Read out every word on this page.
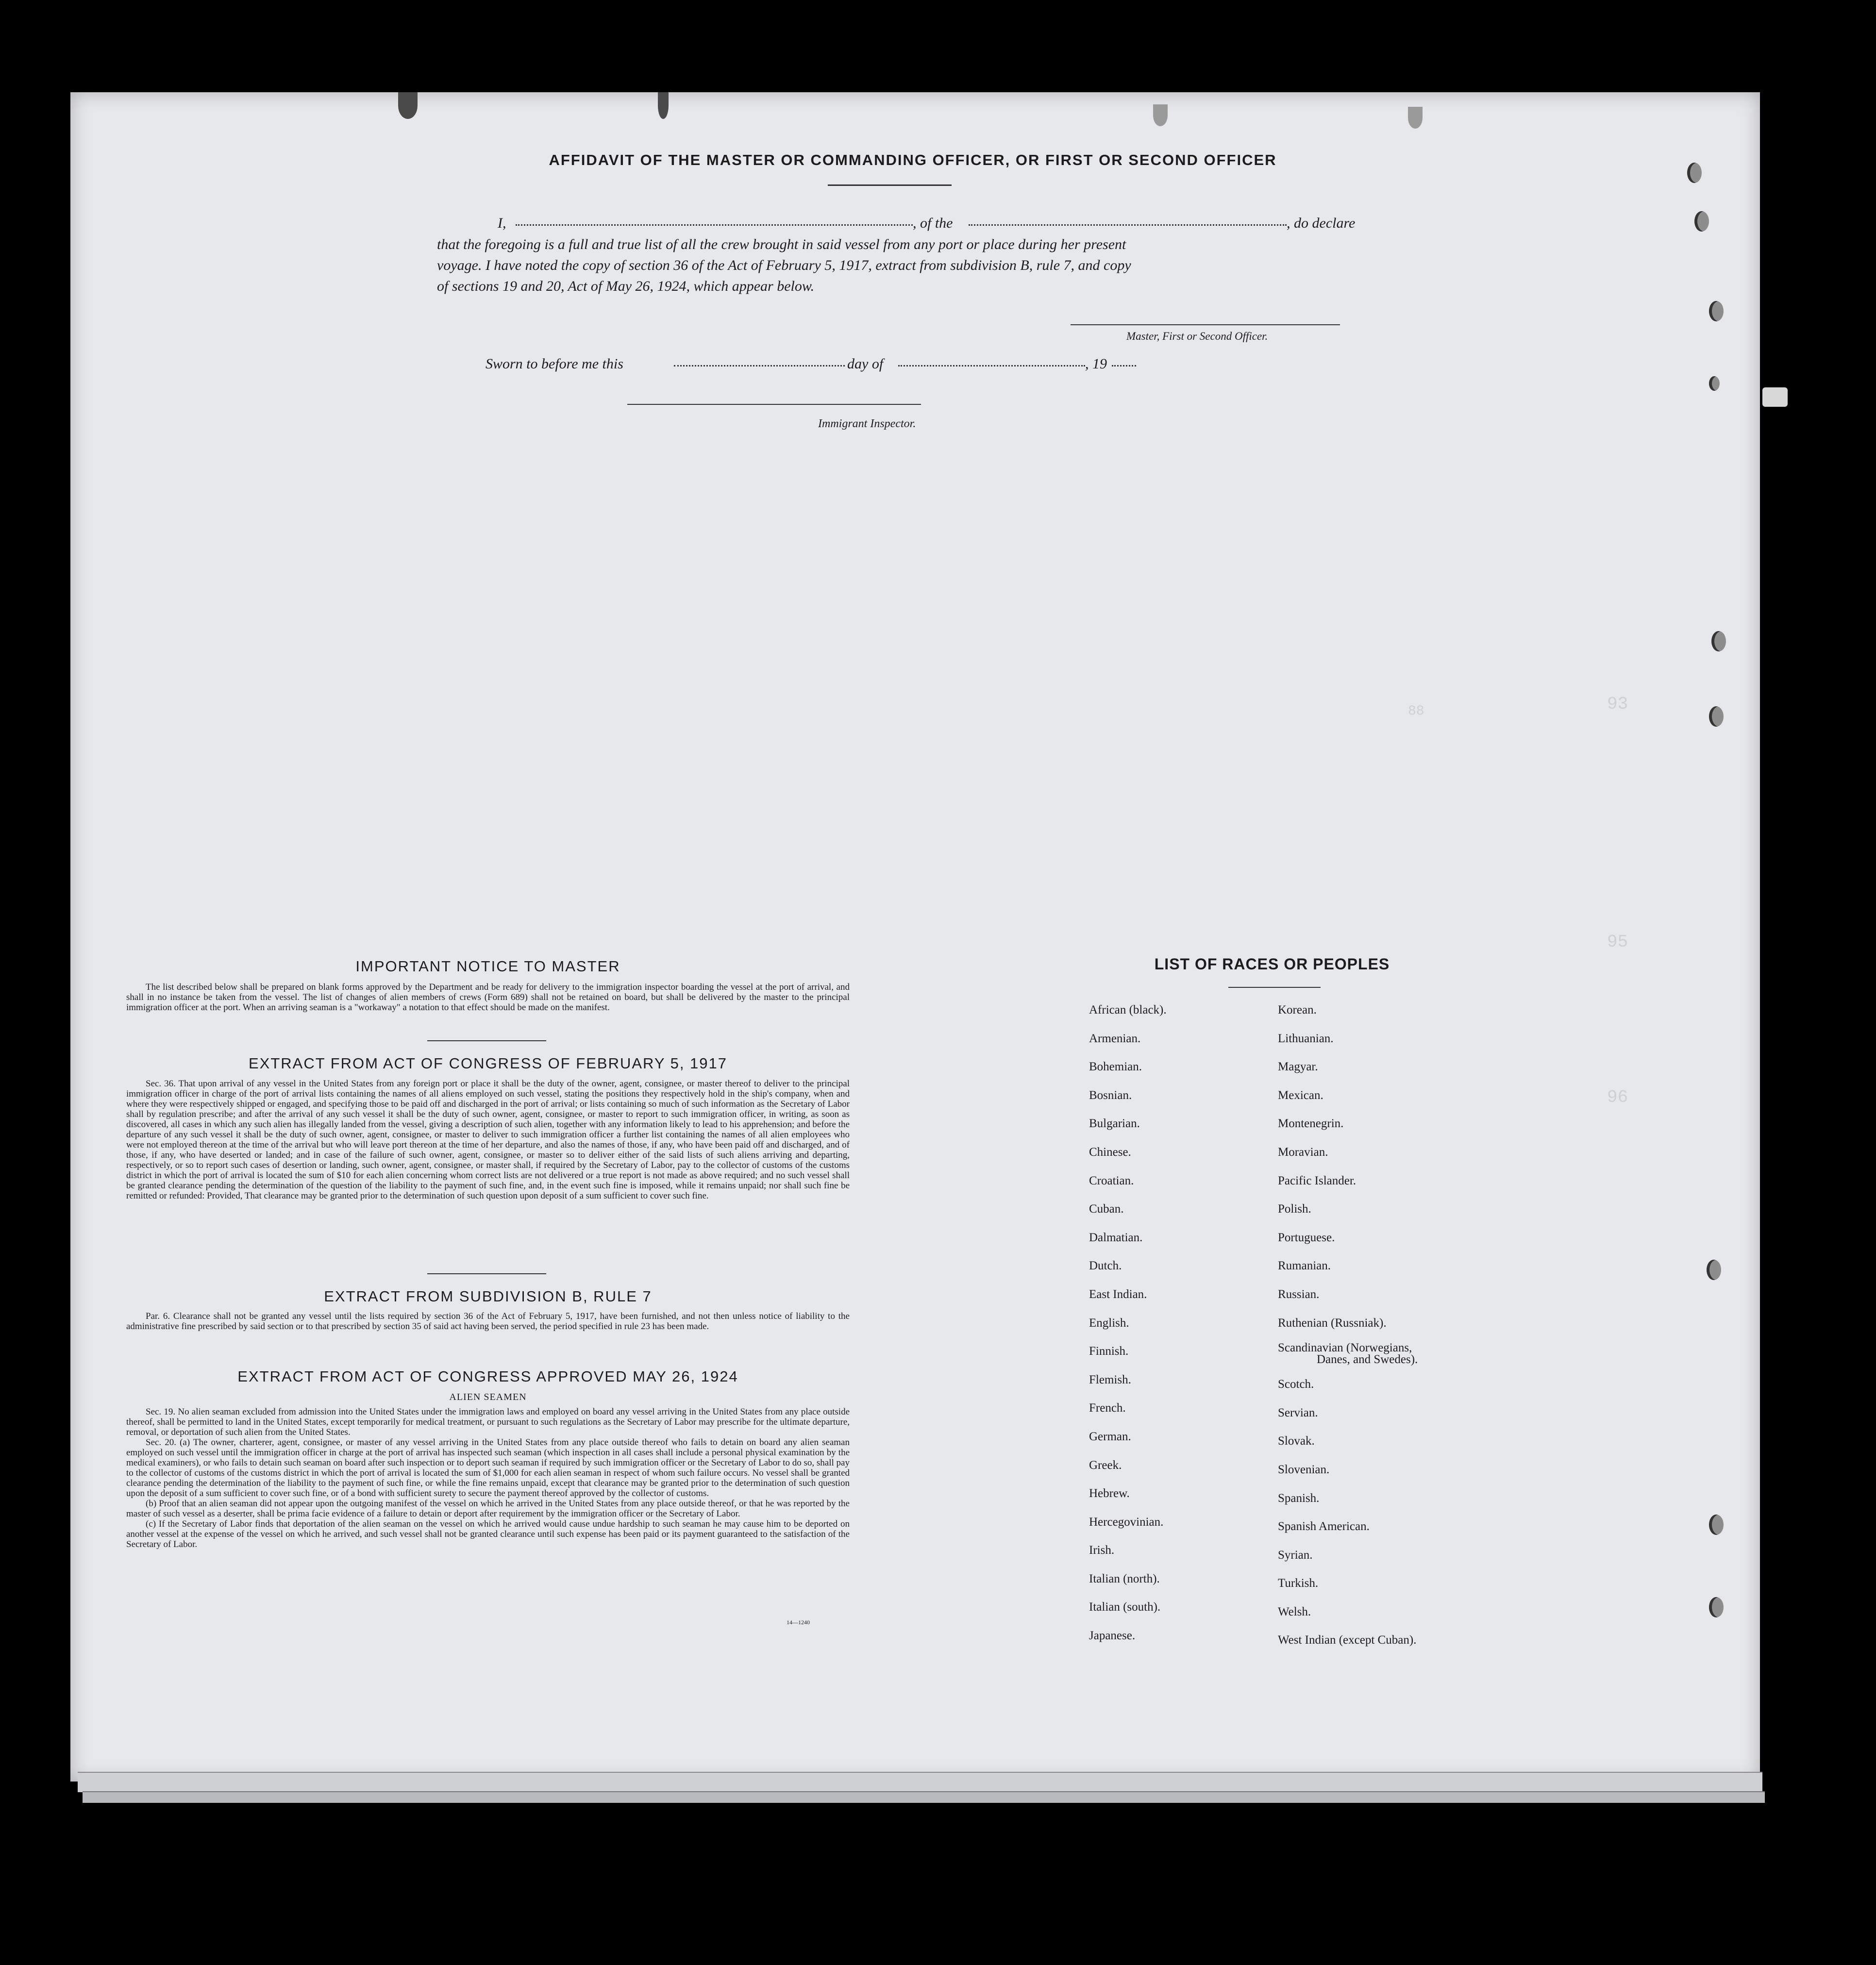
88	93
95
96
AFFIDAVIT OF THE MASTER OR COMMANDING OFFICER, OR FIRST OR SECOND OFFICER
I,	, of the	, do declare
that the foregoing is a full and true list of all the crew brought in said vessel from any port or place during her present
voyage. I have noted the copy of section 36 of the Act of February 5, 1917, extract from subdivision B, rule 7, and copy
of sections 19 and 20, Act of May 26, 1924, which appear below.
Master, First or Second Officer.
Sworn to before me this	day of	, 19
Immigrant Inspector.
IMPORTANT NOTICE TO MASTER
The list described below shall be prepared on blank forms approved by the Department and be ready for delivery to the immigration inspector boarding the vessel at the port of arrival, and shall in no instance be taken from the vessel. The list of changes of alien members of crews (Form 689) shall not be retained on board, but shall be delivered by the master to the principal immigration officer at the port. When an arriving seaman is a "workaway" a notation to that effect should be made on the manifest.
EXTRACT FROM ACT OF CONGRESS OF FEBRUARY 5, 1917
Sec. 36. That upon arrival of any vessel in the United States from any foreign port or place it shall be the duty of the owner, agent, consignee, or master thereof to deliver to the principal immigration officer in charge of the port of arrival lists containing the names of all aliens employed on such vessel, stating the positions they respectively hold in the ship's company, when and where they were respectively shipped or engaged, and specifying those to be paid off and discharged in the port of arrival; or lists containing so much of such information as the Secretary of Labor shall by regulation prescribe; and after the arrival of any such vessel it shall be the duty of such owner, agent, consignee, or master to report to such immigration officer, in writing, as soon as discovered, all cases in which any such alien has illegally landed from the vessel, giving a description of such alien, together with any information likely to lead to his apprehension; and before the departure of any such vessel it shall be the duty of such owner, agent, consignee, or master to deliver to such immigration officer a further list containing the names of all alien employees who were not employed thereon at the time of the arrival but who will leave port thereon at the time of her departure, and also the names of those, if any, who have been paid off and discharged, and of those, if any, who have deserted or landed; and in case of the failure of such owner, agent, consignee, or master so to deliver either of the said lists of such aliens arriving and departing, respectively, or so to report such cases of desertion or landing, such owner, agent, consignee, or master shall, if required by the Secretary of Labor, pay to the collector of customs of the customs district in which the port of arrival is located the sum of $10 for each alien concerning whom correct lists are not delivered or a true report is not made as above required; and no such vessel shall be granted clearance pending the determination of the question of the liability to the payment of such fine, and, in the event such fine is imposed, while it remains unpaid; nor shall such fine be remitted or refunded: Provided, That clearance may be granted prior to the determination of such question upon deposit of a sum sufficient to cover such fine.
EXTRACT FROM SUBDIVISION B, RULE 7
Par. 6. Clearance shall not be granted any vessel until the lists required by section 36 of the Act of February 5, 1917, have been furnished, and not then unless notice of liability to the administrative fine prescribed by said section or to that prescribed by section 35 of said act having been served, the period specified in rule 23 has been made.
EXTRACT FROM ACT OF CONGRESS APPROVED MAY 26, 1924
ALIEN SEAMEN
Sec. 19. No alien seaman excluded from admission into the United States under the immigration laws and employed on board any vessel arriving in the United States from any place outside thereof, shall be permitted to land in the United States, except temporarily for medical treatment, or pursuant to such regulations as the Secretary of Labor may prescribe for the ultimate departure, removal, or deportation of such alien from the United States.
Sec. 20. (a) The owner, charterer, agent, consignee, or master of any vessel arriving in the United States from any place outside thereof who fails to detain on board any alien seaman employed on such vessel until the immigration officer in charge at the port of arrival has inspected such seaman (which inspection in all cases shall include a personal physical examination by the medical examiners), or who fails to detain such seaman on board after such inspection or to deport such seaman if required by such immigration officer or the Secretary of Labor to do so, shall pay to the collector of customs of the customs district in which the port of arrival is located the sum of $1,000 for each alien seaman in respect of whom such failure occurs. No vessel shall be granted clearance pending the determination of the liability to the payment of such fine, or while the fine remains unpaid, except that clearance may be granted prior to the determination of such question upon the deposit of a sum sufficient to cover such fine, or of a bond with sufficient surety to secure the payment thereof approved by the collector of customs.
(b) Proof that an alien seaman did not appear upon the outgoing manifest of the vessel on which he arrived in the United States from any place outside thereof, or that he was reported by the master of such vessel as a deserter, shall be prima facie evidence of a failure to detain or deport after requirement by the immigration officer or the Secretary of Labor.
(c) If the Secretary of Labor finds that deportation of the alien seaman on the vessel on which he arrived would cause undue hardship to such seaman he may cause him to be deported on another vessel at the expense of the vessel on which he arrived, and such vessel shall not be granted clearance until such expense has been paid or its payment guaranteed to the satisfaction of the Secretary of Labor.
14—1240
LIST OF RACES OR PEOPLES
African (black).
Armenian.
Bohemian.
Bosnian.
Bulgarian.
Chinese.
Croatian.
Cuban.
Dalmatian.
Dutch.
East Indian.
English.
Finnish.
Flemish.
French.
German.
Greek.
Hebrew.
Hercegovinian.
Irish.
Italian (north).
Italian (south).
Japanese.
Korean.
Lithuanian.
Magyar.
Mexican.
Montenegrin.
Moravian.
Pacific Islander.
Polish.
Portuguese.
Rumanian.
Russian.
Ruthenian (Russniak).
Scandinavian (Norwegians,
Danes, and Swedes).
Scotch.
Servian.
Slovak.
Slovenian.
Spanish.
Spanish American.
Syrian.
Turkish.
Welsh.
West Indian (except Cuban).
